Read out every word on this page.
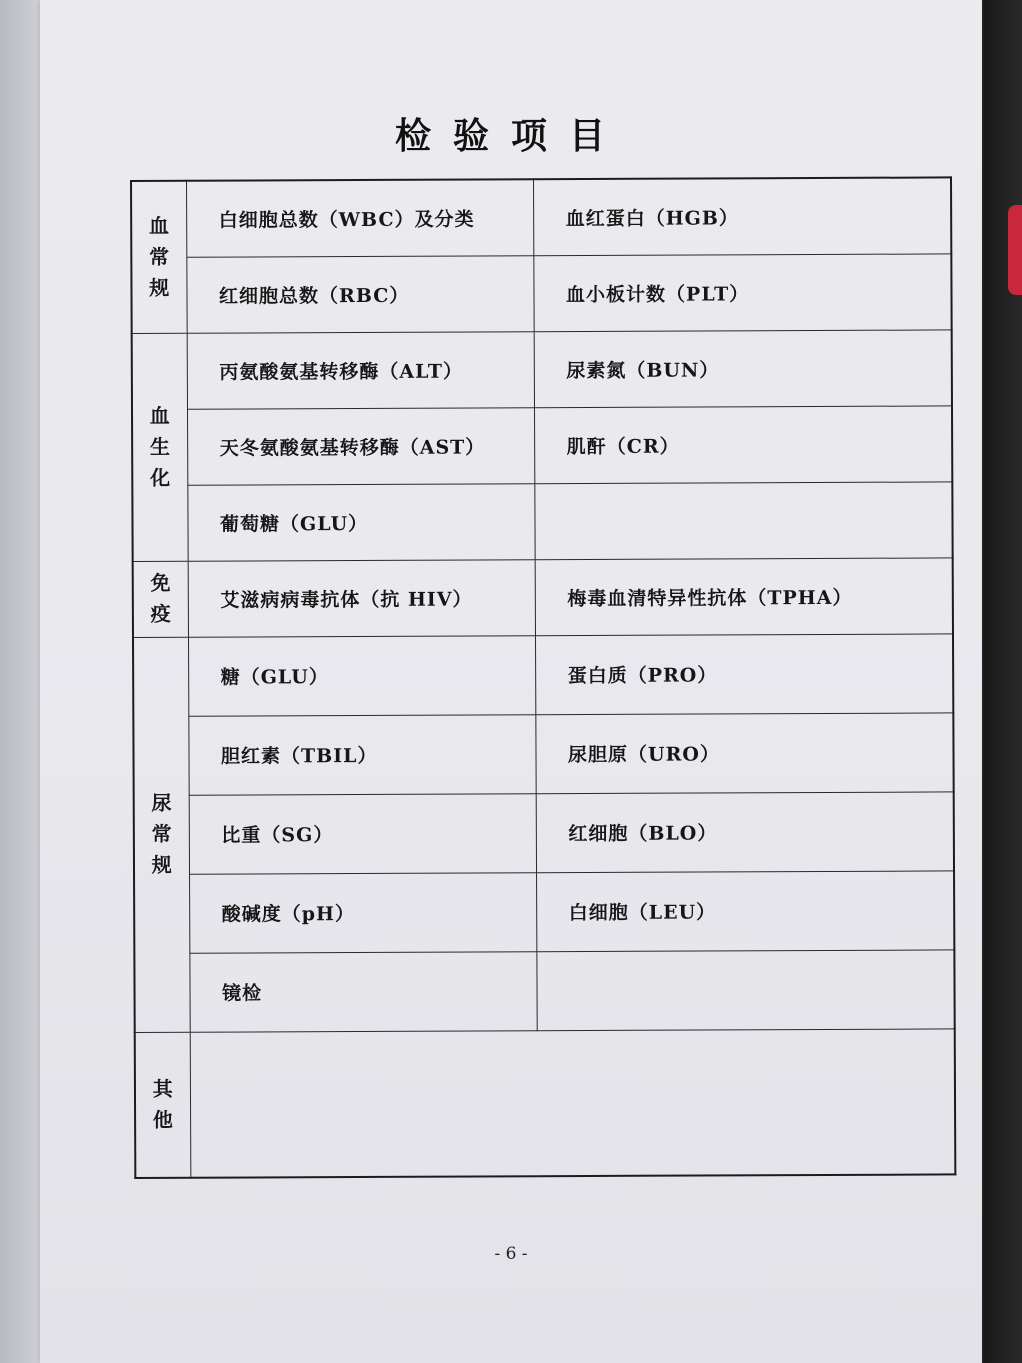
检验项目
血常规	白细胞总数（WBC）及分类	血红蛋白（HGB）
	红细胞总数（RBC）	血小板计数（PLT）
血生化	丙氨酸氨基转移酶（ALT）	尿素氮（BUN）
	天冬氨酸氨基转移酶（AST）	肌酐（CR）
	葡萄糖（GLU）	
免疫	艾滋病病毒抗体（抗 HIV）	梅毒血清特异性抗体（TPHA）
尿常规	糖（GLU）	蛋白质（PRO）
	胆红素（TBIL）	尿胆原（URO）
	比重（SG）	红细胞（BLO）
	酸碱度（pH）	白细胞（LEU）
	镜检	
其他		
- 6 -
